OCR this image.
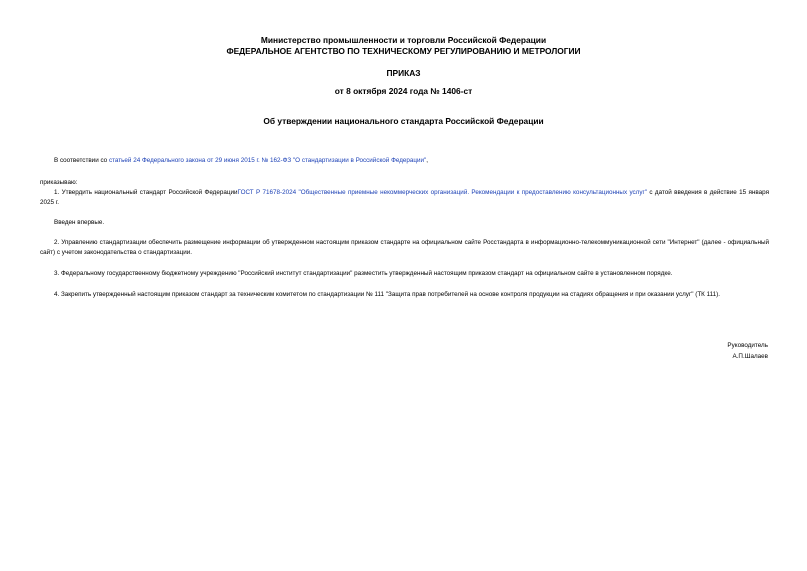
Министерство промышленности и торговли Российской Федерации
ФЕДЕРАЛЬНОЕ АГЕНТСТВО ПО ТЕХНИЧЕСКОМУ РЕГУЛИРОВАНИЮ И МЕТРОЛОГИИ
ПРИКАЗ
от 8 октября 2024 года № 1406-ст
Об утверждении национального стандарта Российской Федерации
В соответствии со статьей 24 Федерального закона от 29 июня 2015 г. № 162-ФЗ "О стандартизации в Российской Федерации",
приказываю:
1. Утвердить национальный стандарт Российской ФедерацииГОСТ Р 71678-2024 "Общественные приемные некоммерческих организаций. Рекомендации к предоставлению консультационных услуг" с датой введения в действие 15 января 2025 г.
Введен впервые.
2. Управлению стандартизации обеспечить размещение информации об утвержденном настоящим приказом стандарте на официальном сайте Росстандарта в информационно-телекоммуникационной сети "Интернет" (далее - официальный сайт) с учетом законодательства о стандартизации.
3. Федеральному государственному бюджетному учреждению "Российский институт стандартизации" разместить утвержденный настоящим приказом стандарт на официальном сайте в установленном порядке.
4. Закрепить утвержденный настоящим приказом стандарт за техническим комитетом по стандартизации № 111 "Защита прав потребителей на основе контроля продукции на стадиях обращения и при оказании услуг" (ТК 111).
Руководитель
А.П.Шалаев
